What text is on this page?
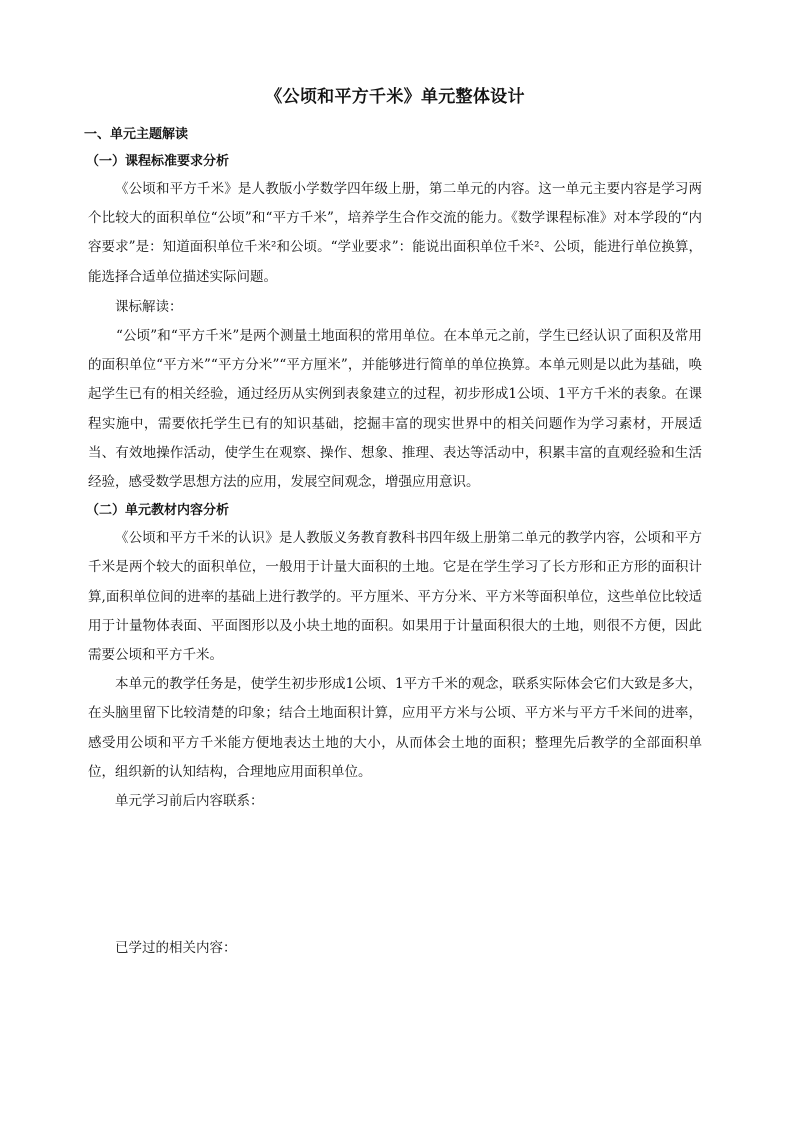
《公顷和平方千米》单元整体设计
一、单元主题解读
（一）课程标准要求分析

《公顷和平方千米》是人教版小学数学四年级上册，第二单元的内容。这一单元主要内容是学习两个比较大的面积单位“公顷”和“平方千米”，培养学生合作交流的能力。《数学课程标准》对本学段的“内容要求”是：知道面积单位千米²和公顷。“学业要求”：能说出面积单位千米²、公顷，能进行单位换算，能选择合适单位描述实际问题。

课标解读：

“公顷”和“平方千米”是两个测量土地面积的常用单位。在本单元之前，学生已经认识了面积及常用的面积单位“平方米”“平方分米”“平方厘米”，并能够进行简单的单位换算。本单元则是以此为基础，唤起学生已有的相关经验，通过经历从实例到表象建立的过程，初步形成1公顷、1平方千米的表象。在课程实施中，需要依托学生已有的知识基础，挖掘丰富的现实世界中的相关问题作为学习素材，开展适当、有效地操作活动，使学生在观察、操作、想象、推理、表达等活动中，积累丰富的直观经验和生活经验，感受数学思想方法的应用，发展空间观念，增强应用意识。

（二）单元教材内容分析

《公顷和平方千米的认识》是人教版义务教育教科书四年级上册第二单元的教学内容，公顷和平方千米是两个较大的面积单位，一般用于计量大面积的土地。它是在学生学习了长方形和正方形的面积计算,面积单位间的进率的基础上进行教学的。平方厘米、平方分米、平方米等面积单位，这些单位比较适用于计量物体表面、平面图形以及小块土地的面积。如果用于计量面积很大的土地，则很不方便，因此需要公顷和平方千米。

本单元的教学任务是，使学生初步形成1公顷、1平方千米的观念，联系实际体会它们大致是多大，在头脑里留下比较清楚的印象；结合土地面积计算，应用平方米与公顷、平方米与平方千米间的进率，感受用公顷和平方千米能方便地表达土地的大小，从而体会土地的面积；整理先后教学的全部面积单位，组织新的认知结构，合理地应用面积单位。

单元学习前后内容联系：

已学过的相关内容：
